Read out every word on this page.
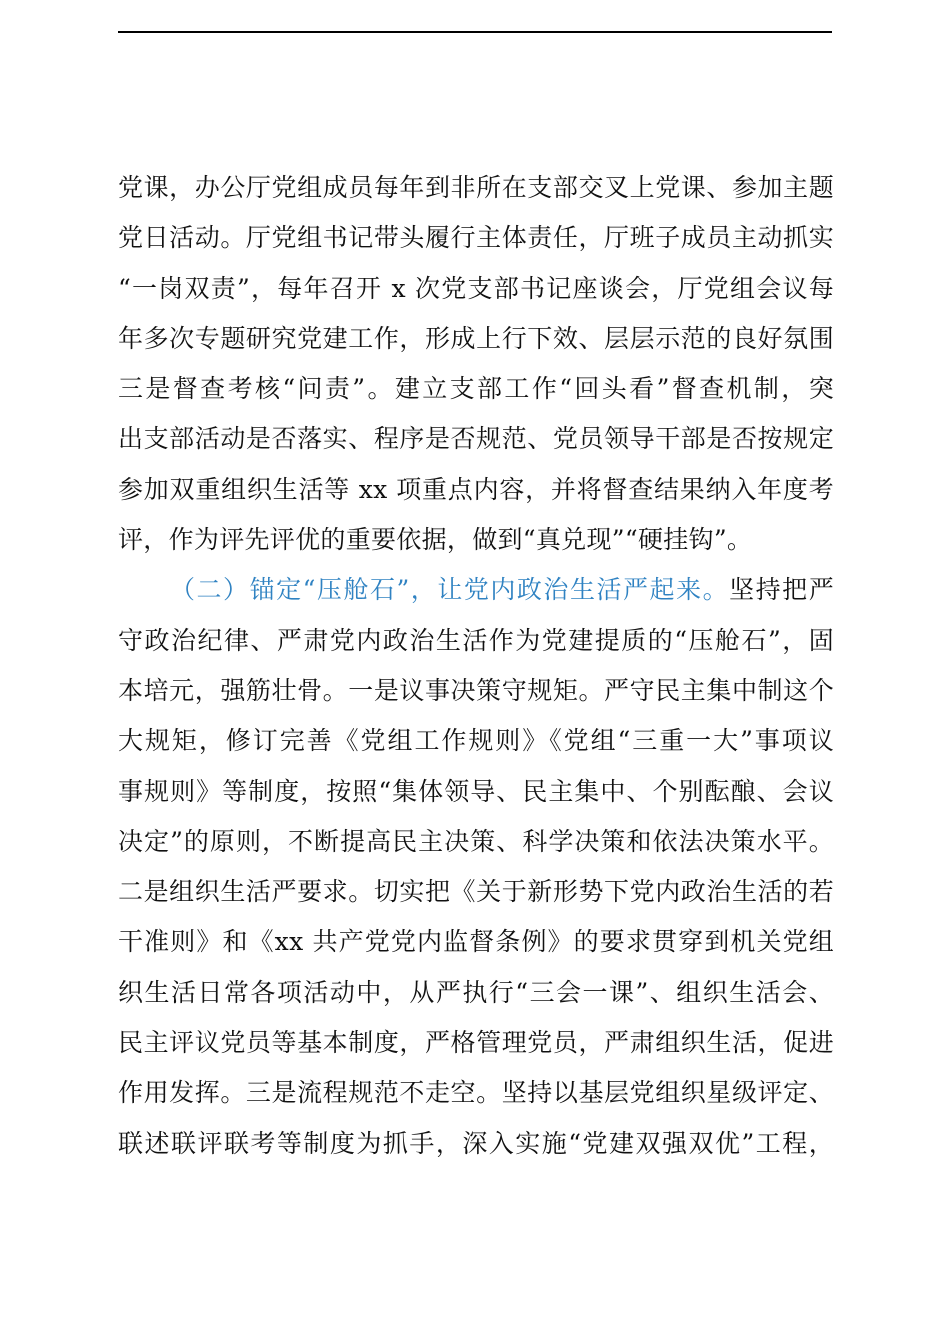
党课，办公厅党组成员每年到非所在支部交叉上党课、参加主题
党日活动。厅党组书记带头履行主体责任，厅班子成员主动抓实
“一岗双责”，每年召开 x 次党支部书记座谈会，厅党组会议每
年多次专题研究党建工作，形成上行下效、层层示范的良好氛围
三是督查考核“问责”。建立支部工作“回头看”督查机制，突
出支部活动是否落实、程序是否规范、党员领导干部是否按规定
参加双重组织生活等 xx 项重点内容，并将督查结果纳入年度考
评，作为评先评优的重要依据，做到“真兑现”“硬挂钩”。
（二）锚定“压舱石”，让党内政治生活严起来。坚持把严
守政治纪律、严肃党内政治生活作为党建提质的“压舱石”，固
本培元，强筋壮骨。一是议事决策守规矩。严守民主集中制这个
大规矩，修订完善《党组工作规则》《党组“三重一大”事项议
事规则》等制度，按照“集体领导、民主集中、个别酝酿、会议
决定”的原则，不断提高民主决策、科学决策和依法决策水平。
二是组织生活严要求。切实把《关于新形势下党内政治生活的若
干准则》和《xx 共产党党内监督条例》的要求贯穿到机关党组
织生活日常各项活动中，从严执行“三会一课”、组织生活会、
民主评议党员等基本制度，严格管理党员，严肃组织生活，促进
作用发挥。三是流程规范不走空。坚持以基层党组织星级评定、
联述联评联考等制度为抓手，深入实施“党建双强双优”工程，
